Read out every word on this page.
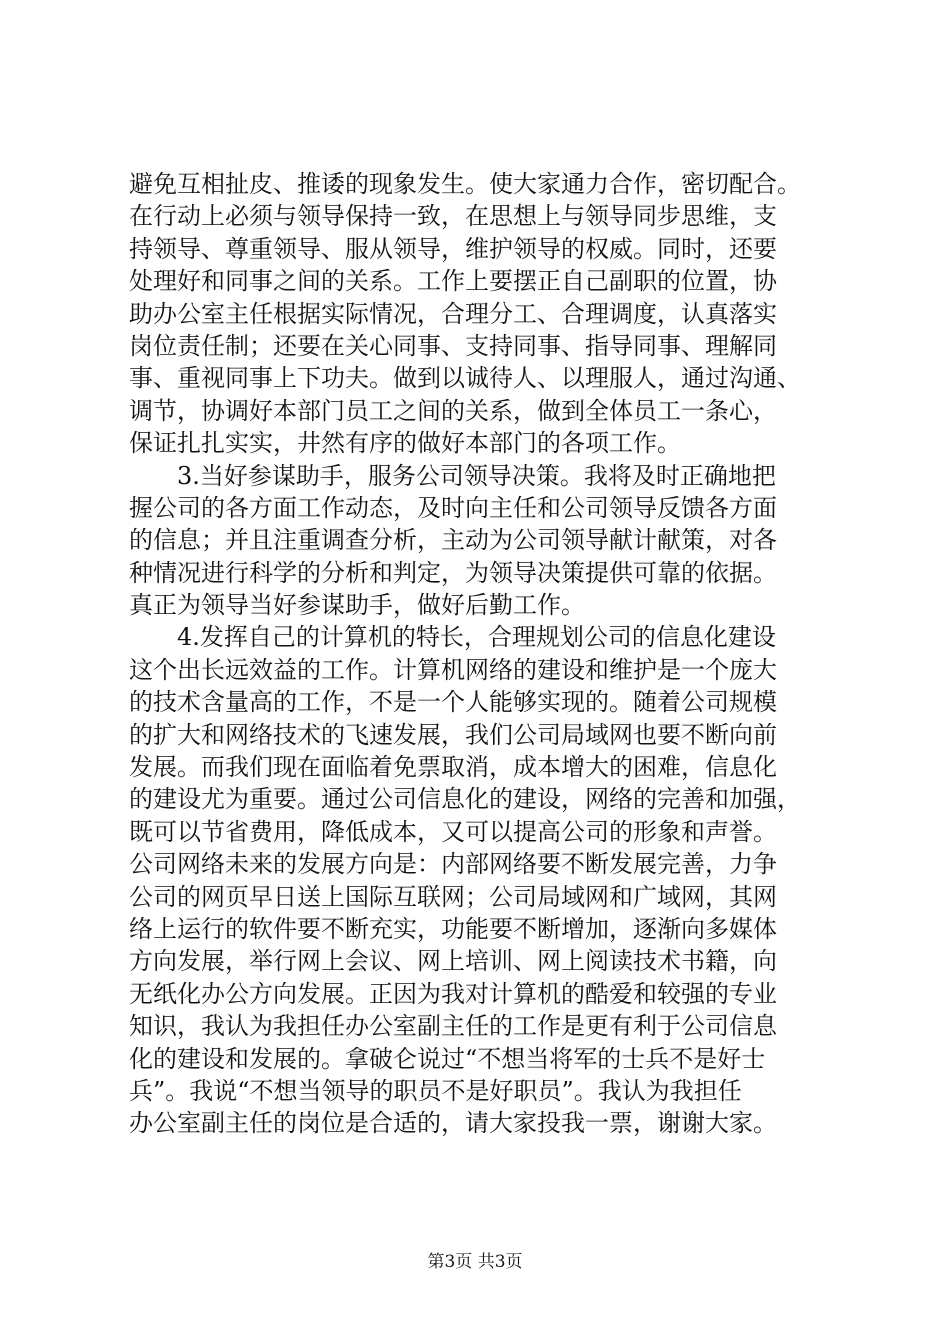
避免互相扯皮、推诿的现象发生。使大家通力合作，密切配合。
在行动上必须与领导保持一致，在思想上与领导同步思维，支
持领导、尊重领导、服从领导，维护领导的权威。同时，还要
处理好和同事之间的关系。工作上要摆正自己副职的位置，协
助办公室主任根据实际情况，合理分工、合理调度，认真落实
岗位责任制；还要在关心同事、支持同事、指导同事、理解同
事、重视同事上下功夫。做到以诚待人、以理服人，通过沟通、
调节，协调好本部门员工之间的关系，做到全体员工一条心，
保证扎扎实实，井然有序的做好本部门的各项工作。
　　3.当好参谋助手，服务公司领导决策。我将及时正确地把
握公司的各方面工作动态，及时向主任和公司领导反馈各方面
的信息；并且注重调查分析，主动为公司领导献计献策，对各
种情况进行科学的分析和判定，为领导决策提供可靠的依据。
真正为领导当好参谋助手，做好后勤工作。
　　4.发挥自己的计算机的特长，合理规划公司的信息化建设
这个出长远效益的工作。计算机网络的建设和维护是一个庞大
的技术含量高的工作，不是一个人能够实现的。随着公司规模
的扩大和网络技术的飞速发展，我们公司局域网也要不断向前
发展。而我们现在面临着免票取消，成本增大的困难，信息化
的建设尤为重要。通过公司信息化的建设，网络的完善和加强，
既可以节省费用，降低成本，又可以提高公司的形象和声誉。
公司网络未来的发展方向是：内部网络要不断发展完善，力争
公司的网页早日送上国际互联网；公司局域网和广域网，其网
络上运行的软件要不断充实，功能要不断增加，逐渐向多媒体
方向发展，举行网上会议、网上培训、网上阅读技术书籍，向
无纸化办公方向发展。正因为我对计算机的酷爱和较强的专业
知识，我认为我担任办公室副主任的工作是更有利于公司信息
化的建设和发展的。拿破仑说过“不想当将军的士兵不是好士
兵”。我说“不想当领导的职员不是好职员”。我认为我担任
办公室副主任的岗位是合适的，请大家投我一票，谢谢大家。
第3页 共3页
